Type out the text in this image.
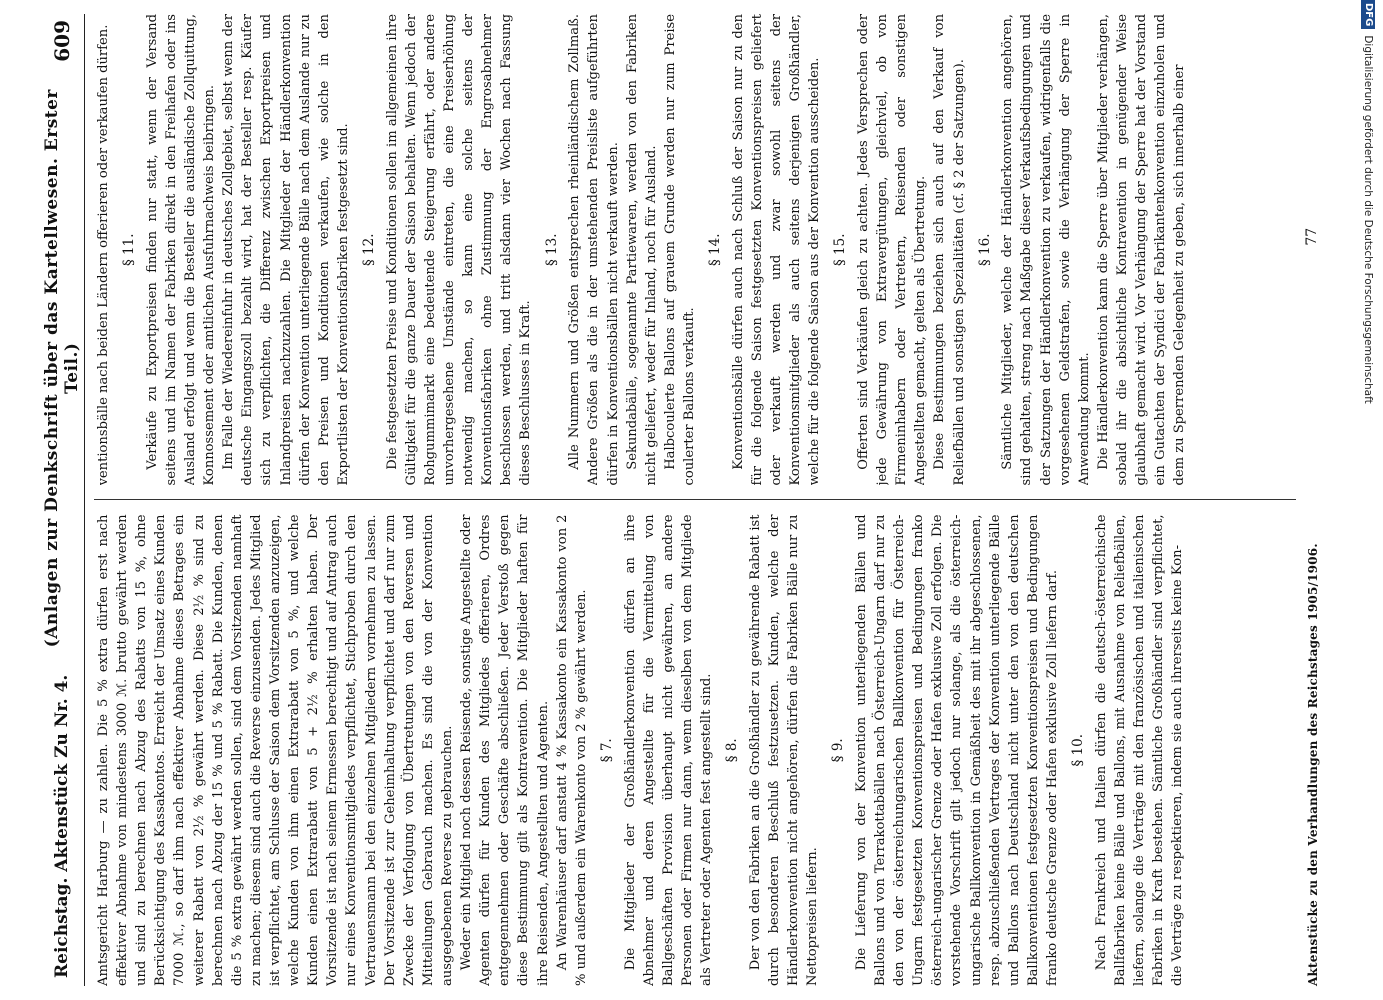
Reichstag. Aktenstück Zu Nr. 4.
(Anlagen zur Denkschrift über das Kartellwesen. Erster Teil.)
609

Amtsgericht Harburg — zu zahlen. Die 5 % extra dürfen erst nach effektiver Abnahme von mindestens 3000 ℳ. brutto gewährt werden und sind zu berechnen nach Abzug des Rabatts von 15 %, ohne Berücksichtigung des Kassakontos. Erreicht der Umsatz eines Kunden 7000 ℳ., so darf ihm nach effektiver Abnahme dieses Betrages ein weiterer Rabatt von 2½ % gewährt werden. Diese 2½ % sind zu berechnen nach Abzug der 15 % und 5 % Rabatt. Die Kunden, denen die 5 % extra gewährt werden sollen, sind dem Vorsitzenden namhaft zu machen; diesem sind auch die Reverse einzusenden. Jedes Mitglied ist verpflichtet, am Schlusse der Saison dem Vorsitzenden anzuzeigen, welche Kunden von ihm einen Extrarabatt von 5 %, und welche Kunden einen Extrarabatt von 5 + 2½ % erhalten haben. Der Vorsitzende ist nach seinem Ermessen berechtigt und auf Antrag auch nur eines Konventionsmitgliedes verpflichtet, Stichproben durch den Vertrauensmann bei den einzelnen Mitgliedern vornehmen zu lassen. Der Vorsitzende ist zur Geheimhaltung verpflichtet und darf nur zum Zwecke der Verfolgung von Übertretungen von den Reversen und Mitteilungen Gebrauch machen. Es sind die von der Konvention ausgegebenen Reverse zu gebrauchen. Weder ein Mitglied noch dessen Reisende, sonstige Angestellte oder Agenten dürfen für Kunden des Mitgliedes offerieren, Ordres entgegennehmen oder Geschäfte abschließen. Jeder Verstoß gegen diese Bestimmung gilt als Kontravention. Die Mitglieder haften für ihre Reisenden, Angestellten und Agenten. An Warenhäuser darf anstatt 4 % Kassakonto ein Kassakonto von 2 % und außerdem ein Warenkonto von 2 % gewährt werden. § 7. Die Mitglieder der Großhändlerkonvention dürfen an ihre Abnehmer und deren Angestellte für die Vermittelung von Ballgeschäften Provision überhaupt nicht gewähren, an andere Personen oder Firmen nur dann, wenn dieselben von dem Mitgliede als Vertreter oder Agenten fest angestellt sind. § 8. Der von den Fabriken an die Großhändler zu gewährende Rabatt ist durch besonderen Beschluß festzusetzen. Kunden, welche der Händlerkonvention nicht angehören, dürfen die Fabriken Bälle nur zu Nettopreisen liefern.

§ 9. Die Lieferung von der Konvention unterliegenden Bällen und Ballons und von Terrakottabällen nach Österreich-Ungarn darf nur zu den von der österreichungarischen Ballkonvention für Österreich-Ungarn festgesetzten Konventionspreisen und Bedingungen franko österreich-ungarischer Grenze oder Hafen exklusive Zoll erfolgen. Die vorstehende Vorschrift gilt jedoch nur solange, als die österreich-ungarische Ballkonvention in Gemäßheit des mit ihr abgeschlossenen, resp. abzuschließenden Vertrages der Konvention unterliegende Bälle und Ballons nach Deutschland nicht unter den von den deutschen Ballkonventionen festgesetzten Konventionspreisen und Bedingungen franko deutsche Grenze oder Hafen exklusive Zoll liefern darf. § 10. Nach Frankreich und Italien dürfen die deutsch-österreichische Ballfabriken keine Bälle und Ballons, mit Ausnahme von Reliefbällen, liefern, solange die Verträge mit den französischen und italienischen Fabriken in Kraft bestehen. Sämtliche Großhändler sind verpflichtet, die Verträge zu respektieren, indem sie auch ihrerseits keine Kon-

ventionsbälle nach beiden Ländern offerieren oder verkaufen dürfen. § 11. Verkäufe zu Exportpreisen finden nur statt, wenn der Versand seitens und im Namen der Fabriken direkt in den Freihafen oder ins Ausland erfolgt und wenn die Besteller die ausländische Zollquittung, Konnossement oder amtlichen Ausfuhrnachweis beibringen. Im Falle der Wiedereinfuhr in deutsches Zollgebiet, selbst wenn der deutsche Eingangszoll bezahlt wird, hat der Besteller resp. Käufer sich zu verpflichten, die Differenz zwischen Exportpreisen und Inlandpreisen nachzuzahlen. Die Mitglieder der Händlerkonvention dürfen der Konvention unterliegende Bälle nach dem Auslande nur zu den Preisen und Konditionen verkaufen, wie solche in den Exportlisten der Konventionsfabriken festgesetzt sind. § 12. Die festgesetzten Preise und Konditionen sollen im allgemeinen ihre Gültigkeit für die ganze Dauer der Saison behalten. Wenn jedoch der Rohgummimarkt eine bedeutende Steigerung erfährt, oder andere unvorhergesehene Umstände eintreten, die eine Preiserhöhung notwendig machen, so kann eine solche seitens der Konventionsfabriken ohne Zustimmung der Engrosabnehmer beschlossen werden, und tritt alsdann vier Wochen nach Fassung dieses Beschlusses in Kraft.

§ 13. Alle Nummern und Größen entsprechen rheinländischem Zollmaß. Andere Größen als die in der umstehenden Preisliste aufgeführten dürfen in Konventionsbällen nicht verkauft werden. Sekundabälle, sogenannte Partiewaren, werden von den Fabriken nicht geliefert, weder für Inland, noch für Ausland. Halbcoulerte Ballons auf grauem Grunde werden nur zum Preise coulerter Ballons verkauft.

§ 14. Konventionsbälle dürfen auch nach Schluß der Saison nur zu den für die folgende Saison festgesetzten Konventionspreisen geliefert oder verkauft werden und zwar sowohl seitens der Konventionsmitglieder als auch seitens derjenigen Großhändler, welche für die folgende Saison aus der Konvention ausscheiden. § 15. Offerten sind Verkäufen gleich zu achten. Jedes Versprechen oder jede Gewährung von Extravergütungen, gleichviel, ob von Firmeninhabern oder Vertretern, Reisenden oder sonstigen Angestellten gemacht, gelten als Übertretung. Diese Bestimmungen beziehen sich auch auf den Verkauf von Reliefbällen und sonstigen Spezialitäten (cf. § 2 der Satzungen). § 16. Sämtliche Mitglieder, welche der Händlerkonvention angehören, sind gehalten, streng nach Maßgabe dieser Verkaufsbedingungen und der Satzungen der Händlerkonvention zu verkaufen, widrigenfalls die vorgesehenen Geldstrafen, sowie die Verhängung der Sperre in Anwendung kommt. Die Händlerkonvention kann die Sperre über Mitglieder verhängen, sobald ihr die absichtliche Kontravention in genügender Weise glaubhaft gemacht wird. Vor Verhängung der Sperre hat der Vorstand ein Gutachten der Syndici der Fabrikantenkonvention einzuholen und dem zu Sperrenden Gelegenheit zu geben, sich innerhalb einer

Aktenstücke zu den Verhandlungen des Reichstages 1905/1906.
77
DFG
Digitalisierung gefördert durch die Deutsche Forschungsgemeinschaft
